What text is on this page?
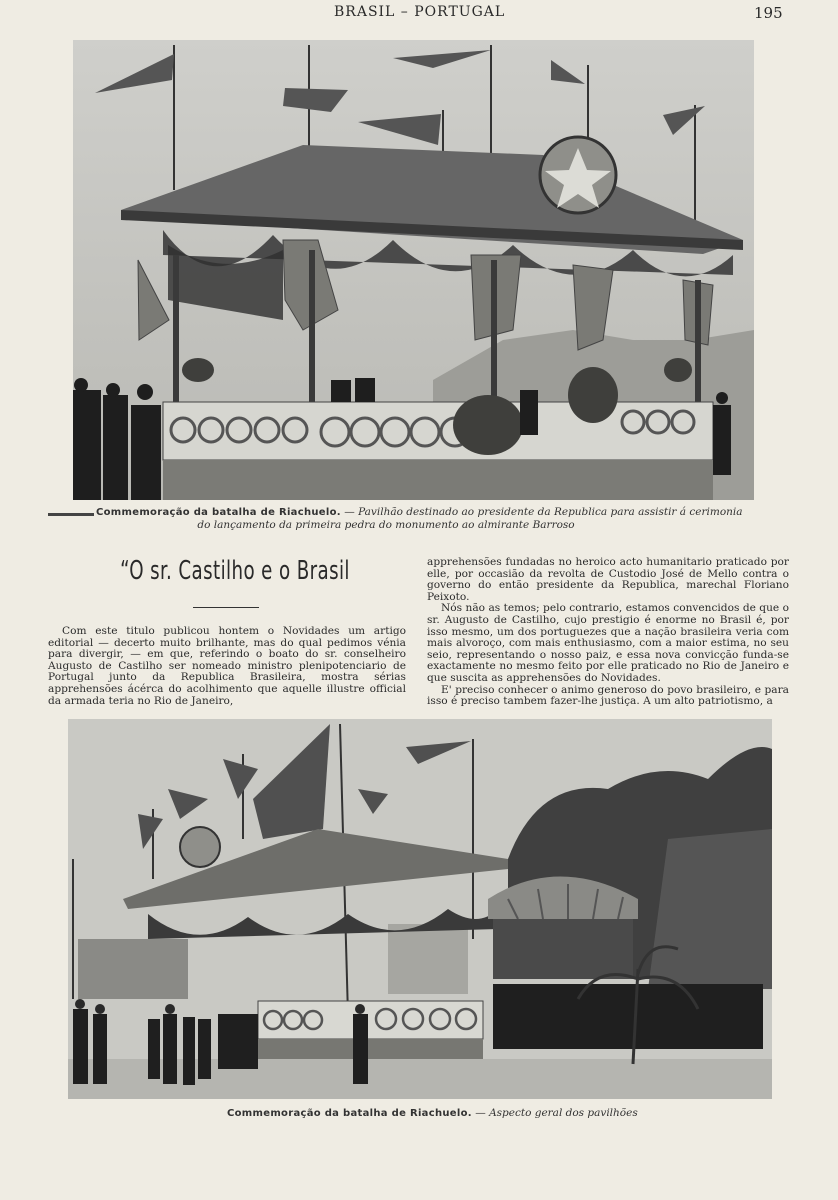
BRASIL – PORTUGAL	195
Commemoração da batalha de Riachuelo. — Pavilhão destinado ao presidente da Republica para assistir á cerimonia
do lançamento da primeira pedra do monumento ao almirante Barroso
“O sr. Castilho e o Brasil

Com este titulo publicou hontem o Novidades um artigo editorial — decerto muito brilhante, mas do qual pedimos vénia para divergir, — em que, referindo o boato do sr. conselheiro Augusto de Castilho ser nomeado ministro plenipotenciario de Portugal junto da Republica Brasileira, mostra sérias apprehensões ácérca do acolhimento que aquelle illustre official da armada teria no Rio de Janeiro,

apprehensões fundadas no heroico acto humanitario praticado por elle, por occasião da revolta de Custodio José de Mello contra o governo do então presidente da Republica, marechal Floriano Peixoto.

Nós não as temos; pelo contrario, estamos convencidos de que o sr. Augusto de Castilho, cujo prestigio é enorme no Brasil é, por isso mesmo, um dos portuguezes que a nação brasileira veria com mais alvoroço, com mais enthusiasmo, com a maior estima, no seu seio, representando o nosso paiz, e essa nova convicção funda-se exactamente no mesmo feito por elle praticado no Rio de Janeiro e que suscita as apprehensões do Novidades.

E' preciso conhecer o animo generoso do povo brasileiro, e para isso é preciso tambem fazer-lhe justiça. A um alto patriotismo, a

Commemoração da batalha de Riachuelo. — Aspecto geral dos pavilhões
